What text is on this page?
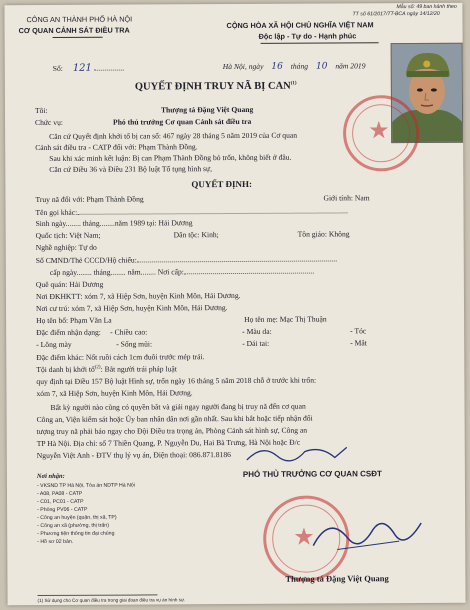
CÔNG AN THÀNH PHỐ HÀ NỘI
CƠ QUAN CẢNH SÁT ĐIỀU TRA
Mẫu số: 49 ban hành theo
TT số 61/2017/TT-BCA ngày 14/12/20
CỘNG HÒA XÃ HỘI CHỦ NGHĨA VIỆT NAM
Độc lập - Tự do - Hạnh phúc
Số: 121	Hà Nội, ngày 16 tháng 10 năm 2019
QUYẾT ĐỊNH TRUY NÃ BỊ CAN$^{(1)}$
Tôi:	Thượng tá Đặng Việt Quang
Chức vụ:	Phó thủ trưởng Cơ quan Cảnh sát điều tra
Căn cứ Quyết định khởi tố bị can số: 467 ngày 28 tháng 5 năm 2019 của Cơ quan
Cảnh sát điều tra - CATP đối với: Phạm Thành Đồng.
Sau khi xác minh kết luận: Bị can Phạm Thành Đồng bỏ trốn, không biết ở đâu.
Căn cứ Điều 36 và Điều 231 Bộ luật Tố tụng hình sự,
★
QUYẾT ĐỊNH:
Truy nã đối với: Phạm Thành Đồng	Giới tính: Nam
Tên gọi khác:
Sinh ngày........ tháng........năm 1989 tại: Hải Dương
Quốc tịch: Việt Nam;	Dân tộc: Kinh;	Tôn giáo: Không
Nghề nghiệp: Tự do
Số CMND/Thẻ CCCD/Hộ chiếu:
cấp ngày........ tháng........ năm........ Nơi cấp:
Quê quán: Hải Dương
Nơi ĐKHKTT: xóm 7, xã Hiệp Sơn, huyện Kinh Môn, Hải Dương.
Nơi cư trú: xóm 7, xã Hiệp Sơn, huyện Kinh Môn, Hải Dương.
Họ tên bố: Phạm Văn La	Họ tên mẹ: Mạc Thị Thuận
Đặc điểm nhận dạng: - Chiều cao:	- Màu da:	- Tóc
- Lông mày	- Sống mũi:	- Dái tai:	- Mắt
Đặc điểm khác: Nốt ruồi cách 1cm đuôi trước mép trái.
Tội danh bị khởi tố$^{(2)}$: Bắt người trái pháp luật
quy định tại Điều 157 Bộ luật Hình sự, trốn ngày 16 tháng 5 năm 2018 chỗ ở trước khi trốn:
xóm 7, xã Hiệp Sơn, huyện Kinh Môn, Hải Dương.
Bất kỳ người nào cũng có quyền bắt và giải ngay người đang bị truy nã đến cơ quan
Công an, Viện kiểm sát hoặc Ủy ban nhân dân nơi gần nhất. Sau khi bắt hoặc tiếp nhận đối
tượng truy nã phải báo ngay cho Đội Điều tra trọng án, Phòng Cảnh sát hình sự, Công an
TP Hà Nội. Địa chỉ: số 7 Thiền Quang, P. Nguyễn Du, Hai Bà Trưng, Hà Nội hoặc Đ/c
Nguyễn Việt Anh - ĐTV thụ lý vụ án, Điện thoại: 086.871.8186
Nơi nhận:
- VKSND TP Hà Nội, Tòa án NDTP Hà Nội
- A08, PA08 - CATP
- C01, PC01 - CATP
- Phòng PV06 - CATP
- Công an huyện (quận, thị xã, TP)
- Công an xã (phường, thị trấn)
- Phương tiện thông tin đại chúng
- Hồ sơ 02 bản.
PHÓ THỦ TRƯỞNG CƠ QUAN CSĐT
★
Thượng tá Đặng Việt Quang
(1) Sử dụng cho Cơ quan điều tra trong giai đoạn điều tra vụ án hình sự.
